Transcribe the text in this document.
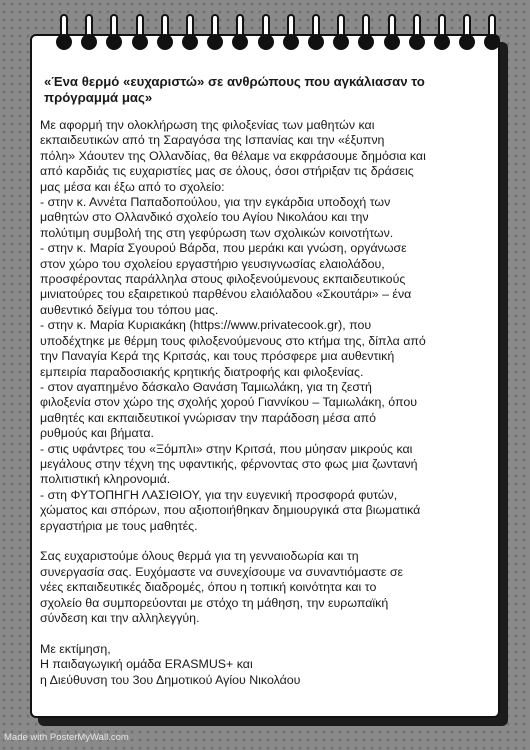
«Ένα θερμό «ευχαριστώ» σε ανθρώπους που αγκάλιασαν το
πρόγραμμά μας»
Με αφορμή την ολοκλήρωση της φιλοξενίας των μαθητών και
εκπαιδευτικών από τη Σαραγόσα της Ισπανίας και την «έξυπνη
πόλη» Χάουτεν της Ολλανδίας, θα θέλαμε να εκφράσουμε δημόσια και
από καρδιάς τις ευχαριστίες μας σε όλους, όσοι στήριξαν τις δράσεις
μας μέσα και έξω από το σχολείο:
- στην κ. Αννέτα Παπαδοπούλου, για την εγκάρδια υποδοχή των
μαθητών στο Ολλανδικό σχολείο του Αγίου Νικολάου και την
πολύτιμη συμβολή της στη γεφύρωση των σχολικών κοινοτήτων.
- στην κ. Μαρία Σγουρού Βάρδα, που μεράκι και γνώση, οργάνωσε
στον χώρο του σχολείου εργαστήριο γευσιγνωσίας ελαιολάδου,
προσφέροντας παράλληλα στους φιλοξενούμενους εκπαιδευτικούς
μινιατούρες του εξαιρετικού παρθένου ελαιόλαδου «Σκουτάρι» – ένα
αυθεντικό δείγμα του τόπου μας.
- στην κ. Μαρία Κυριακάκη (https://www.privatecook.gr), που
υποδέχτηκε με θέρμη τους φιλοξενούμενους στο κτήμα της, δίπλα από
την Παναγία Κερά της Κριτσάς, και τους πρόσφερε μια αυθεντική
εμπειρία παραδοσιακής κρητικής διατροφής και φιλοξενίας.
- στον αγαπημένο δάσκαλο Θανάση Ταμιωλάκη, για τη ζεστή
φιλοξενία στον χώρο της σχολής χορού Γιαννίκου – Ταμιωλάκη, όπου
μαθητές και εκπαιδευτικοί γνώρισαν την παράδοση μέσα από
ρυθμούς και βήματα.
- στις υφάντρες του «Ξόμπλι» στην Κριτσά, που μύησαν μικρούς και
μεγάλους στην τέχνη της υφαντικής, φέρνοντας στο φως μια ζωντανή
πολιτιστική κληρονομιά.
- στη ΦΥΤΟΠΗΓΗ ΛΑΣΙΘΙΟΥ, για την ευγενική προσφορά φυτών,
χώματος και σπόρων, που αξιοποιήθηκαν δημιουργικά στα βιωματικά
εργαστήρια με τους μαθητές.
Σας ευχαριστούμε όλους θερμά για τη γενναιοδωρία και τη
συνεργασία σας. Ευχόμαστε να συνεχίσουμε να συναντιόμαστε σε
νέες εκπαιδευτικές διαδρομές, όπου η τοπική κοινότητα και το
σχολείο θα συμπορεύονται με στόχο τη μάθηση, την ευρωπαϊκή
σύνδεση και την αλληλεγγύη.
Με εκτίμηση,
Η παιδαγωγική ομάδα ERASMUS+ και
η Διεύθυνση του 3ου Δημοτικού Αγίου Νικολάου
Made with PosterMyWall.com
